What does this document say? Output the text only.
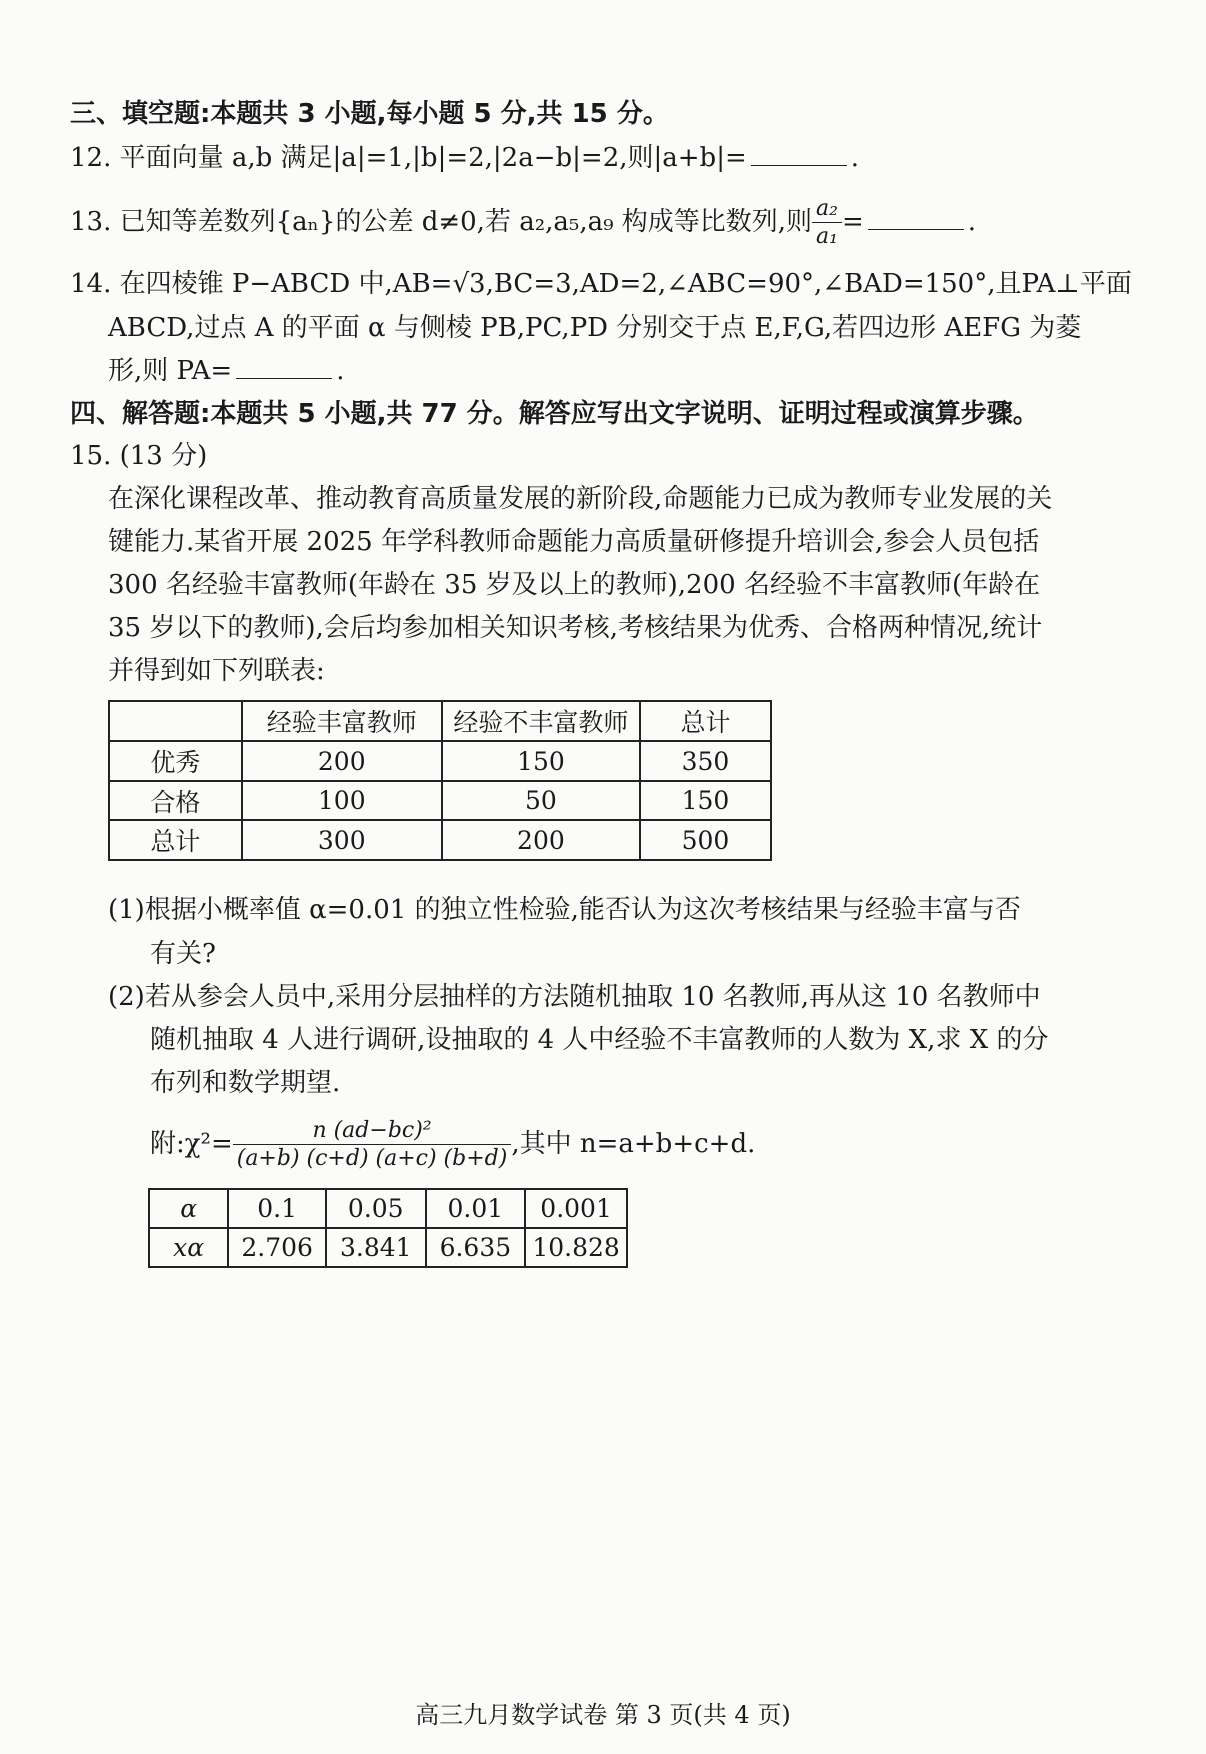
三、填空题:本题共 3 小题,每小题 5 分,共 15 分。
12. 平面向量 a,b 满足|a|=1,|b|=2,|2a−b|=2,则|a+b|=	.
13. 已知等差数列{aₙ}的公差 d≠0,若 a₂,a₅,a₉ 构成等比数列,则 $\frac{\text{a₂}}{\text{a₁}}$ =	.
14. 在四棱锥 P−ABCD 中,AB=√3,BC=3,AD=2,∠ABC=90°,∠BAD=150°,且PA⊥平面
ABCD,过点 A 的平面 α 与侧棱 PB,PC,PD 分别交于点 E,F,G,若四边形 AEFG 为菱
形,则 PA=	.
四、解答题:本题共 5 小题,共 77 分。解答应写出文字说明、证明过程或演算步骤。
15. (13 分)
在深化课程改革、推动教育高质量发展的新阶段,命题能力已成为教师专业发展的关
键能力.某省开展 2025 年学科教师命题能力高质量研修提升培训会,参会人员包括
300 名经验丰富教师(年龄在 35 岁及以上的教师),200 名经验不丰富教师(年龄在
35 岁以下的教师),会后均参加相关知识考核,考核结果为优秀、合格两种情况,统计
并得到如下列联表:
	经验丰富教师	经验不丰富教师	总计
优秀	200	150	350
合格	100	50	150
总计	300	200	500
(1)根据小概率值 α=0.01 的独立性检验,能否认为这次考核结果与经验丰富与否
有关?
(2)若从参会人员中,采用分层抽样的方法随机抽取 10 名教师,再从这 10 名教师中
随机抽取 4 人进行调研,设抽取的 4 人中经验不丰富教师的人数为 X,求 X 的分
布列和数学期望.
附:χ²= $\frac{\text{n (ad−bc)²}}{(a+b) (c+d) (a+c) (b+d)}$ ,其中 n=a+b+c+d.
α	0.1	0.05	0.01	0.001
xα	2.706	3.841	6.635	10.828
高三九月数学试卷 第 3 页(共 4 页)
